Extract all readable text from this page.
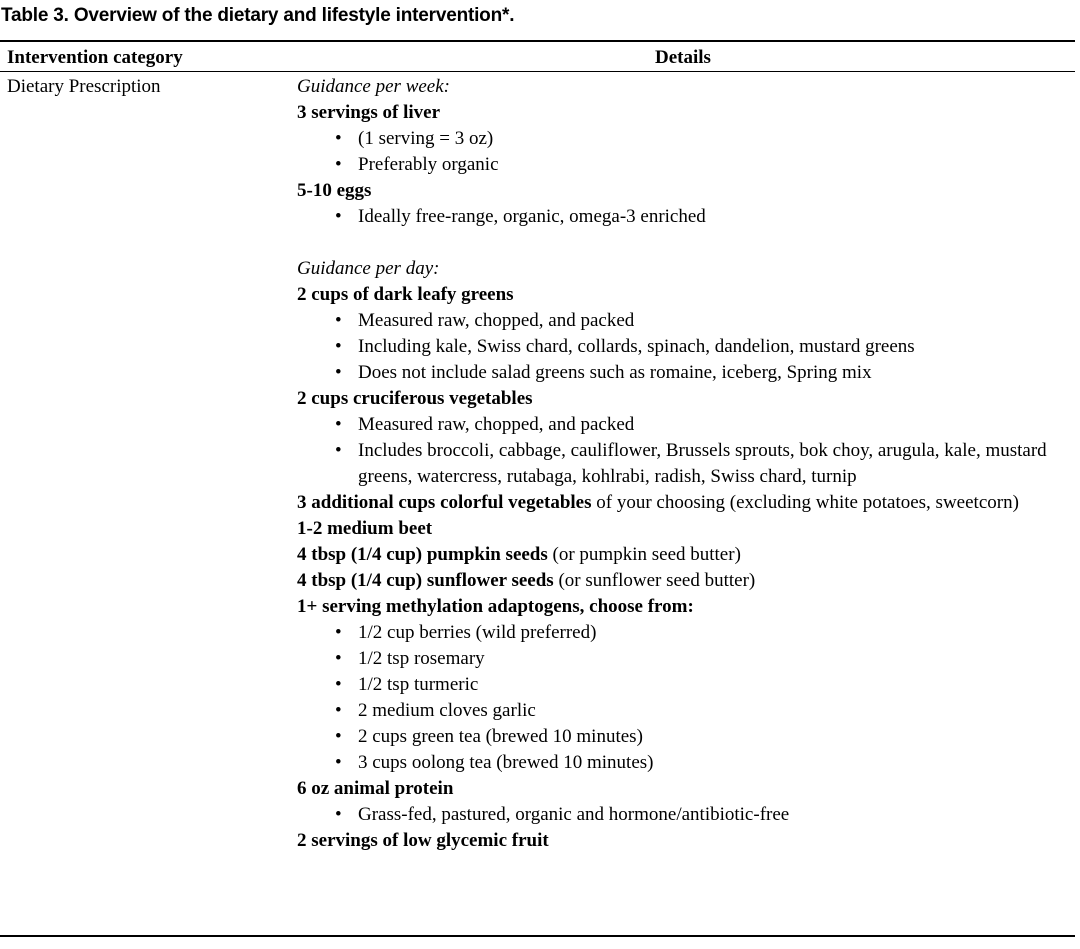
Table 3. Overview of the dietary and lifestyle intervention*.
Intervention category	Details
Dietary Prescription	Guidance per week:
3 servings of liver
• (1 serving = 3 oz)
• Preferably organic
5-10 eggs
• Ideally free-range, organic, omega-3 enriched
Guidance per day:
2 cups of dark leafy greens
• Measured raw, chopped, and packed
• Including kale, Swiss chard, collards, spinach, dandelion, mustard greens
• Does not include salad greens such as romaine, iceberg, Spring mix
2 cups cruciferous vegetables
• Measured raw, chopped, and packed
• Includes broccoli, cabbage, cauliflower, Brussels sprouts, bok choy, arugula, kale, mustard greens, watercress, rutabaga, kohlrabi, radish, Swiss chard, turnip
3 additional cups colorful vegetables of your choosing (excluding white potatoes, sweetcorn)
1-2 medium beet
4 tbsp (1/4 cup) pumpkin seeds (or pumpkin seed butter)
4 tbsp (1/4 cup) sunflower seeds (or sunflower seed butter)
1+ serving methylation adaptogens, choose from:
• 1/2 cup berries (wild preferred)
• 1/2 tsp rosemary
• 1/2 tsp turmeric
• 2 medium cloves garlic
• 2 cups green tea (brewed 10 minutes)
• 3 cups oolong tea (brewed 10 minutes)
6 oz animal protein
• Grass-fed, pastured, organic and hormone/antibiotic-free
2 servings of low glycemic fruit
